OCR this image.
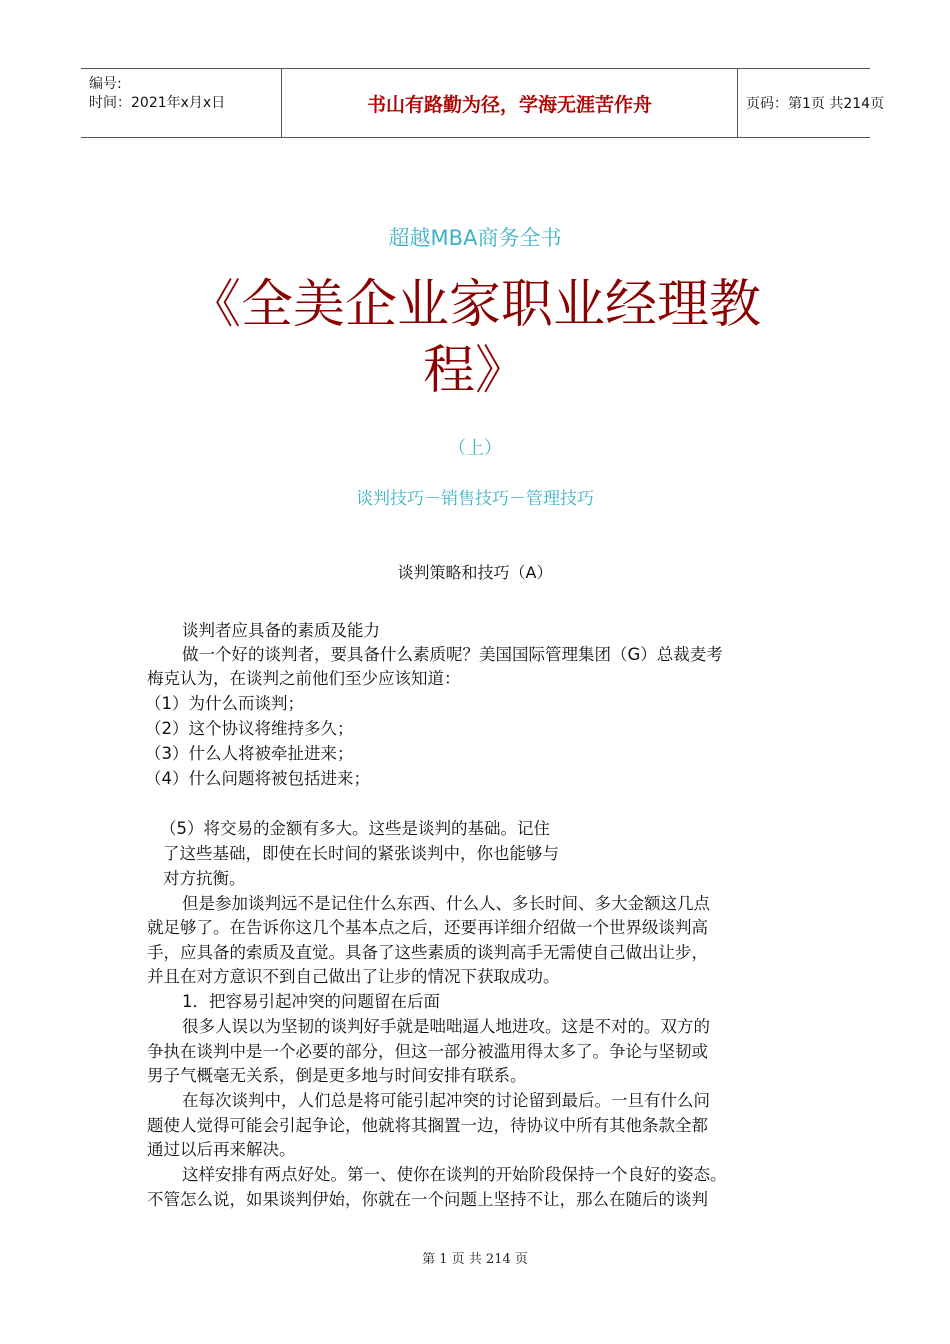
编号:
时间：2021年x月x日	书山有路勤为径，学海无涯苦作舟	页码：第1页 共214页
超越MBA商务全书
《全美企业家职业经理教
程》
（上）
谈判技巧－销售技巧－管理技巧
谈判策略和技巧（A）
谈判者应具备的素质及能力
做一个好的谈判者，要具备什么素质呢？美国国际管理集团（G）总裁麦考
梅克认为，在谈判之前他们至少应该知道：
（1）为什么而谈判；
（2）这个协议将维持多久；
（3）什么人将被牵扯进来；
（4）什么问题将被包括进来；
（5）将交易的金额有多大。这些是谈判的基础。记住
了这些基础，即使在长时间的紧张谈判中，你也能够与
对方抗衡。
但是参加谈判远不是记住什么东西、什么人、多长时间、多大金额这几点
就足够了。在告诉你这几个基本点之后，还要再详细介绍做一个世界级谈判高
手，应具备的索质及直觉。具备了这些素质的谈判高手无需使自己做出让步，
并且在对方意识不到自己做出了让步的情况下获取成功。
1．把容易引起冲突的问题留在后面
很多人误以为坚韧的谈判好手就是咄咄逼人地进攻。这是不对的。双方的
争执在谈判中是一个必要的部分，但这一部分被滥用得太多了。争论与坚韧或
男子气概毫无关系，倒是更多地与时间安排有联系。
在每次谈判中，人们总是将可能引起冲突的讨论留到最后。一旦有什么问
题使人觉得可能会引起争论，他就将其搁置一边，待协议中所有其他条款全都
通过以后再来解决。
这样安排有两点好处。第一、使你在谈判的开始阶段保持一个良好的姿态。
不管怎么说，如果谈判伊始，你就在一个问题上坚持不让，那么在随后的谈判
第 1 页 共 214 页
